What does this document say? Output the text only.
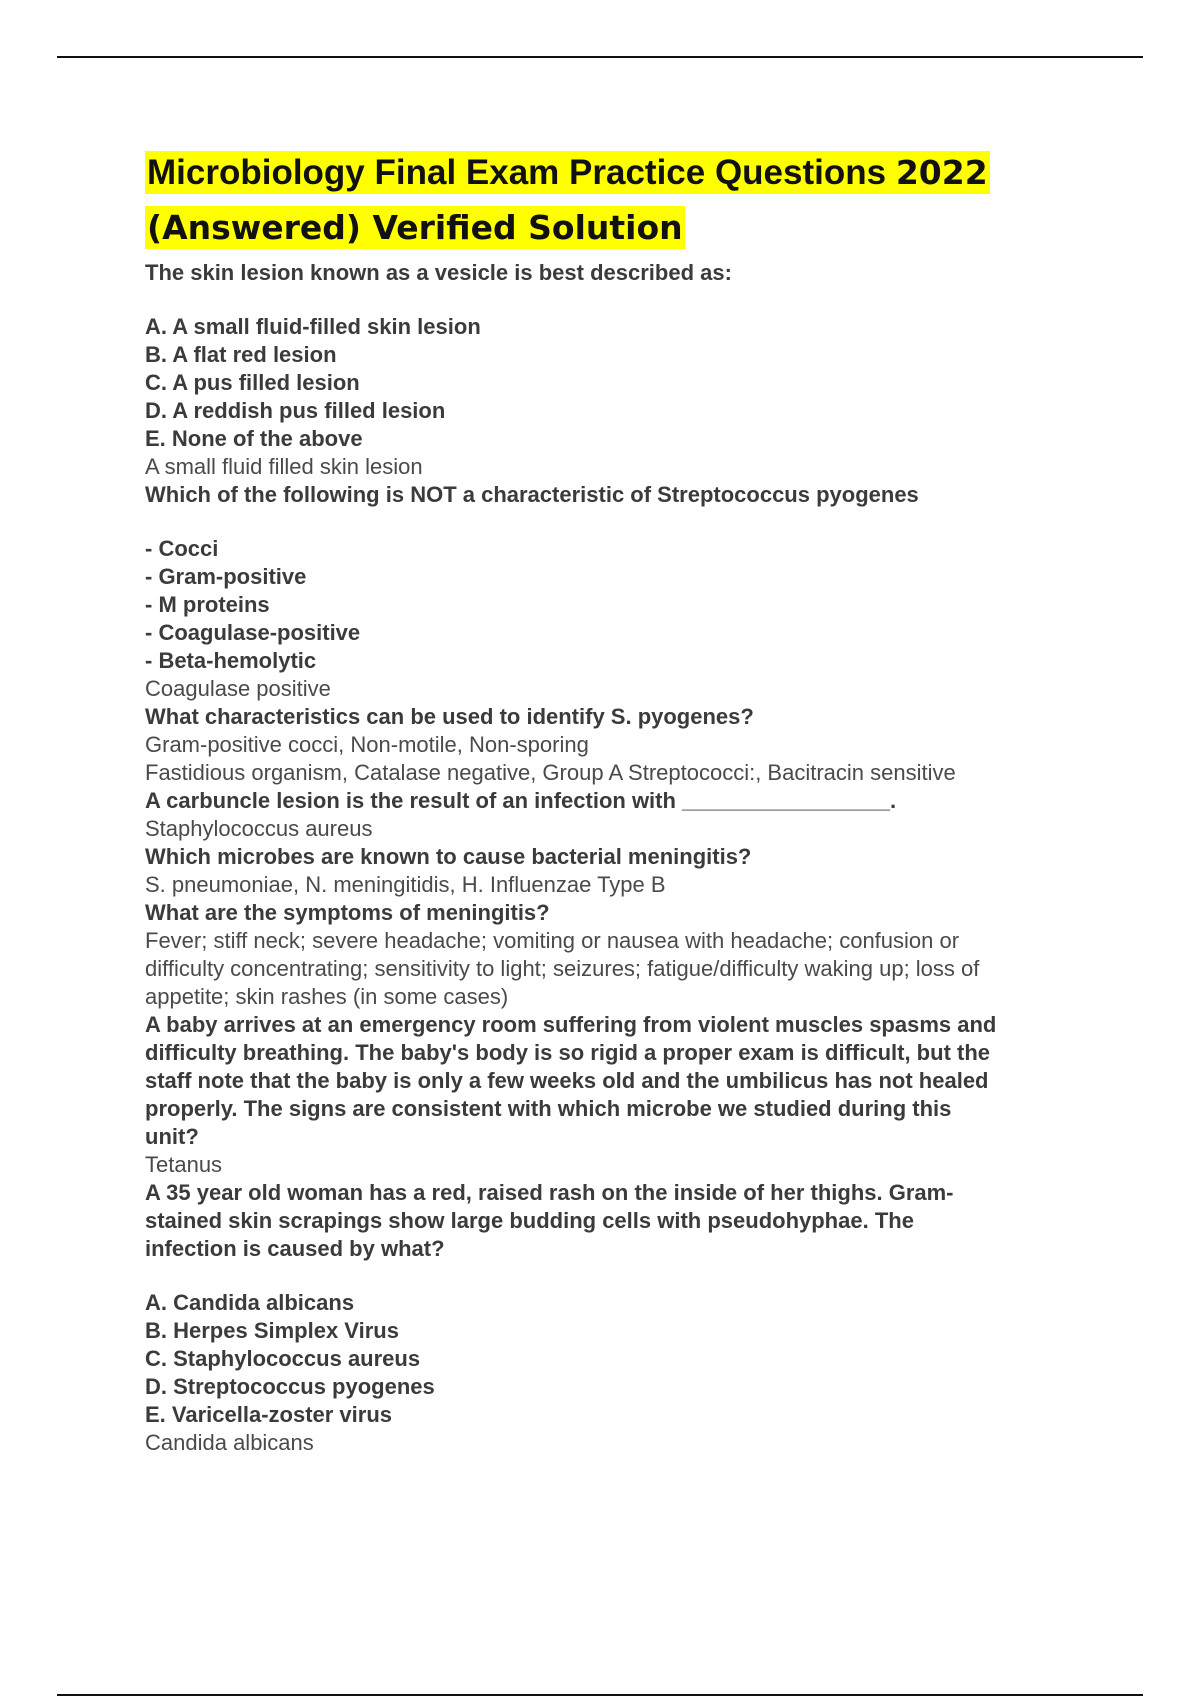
Microbiology Final Exam Practice Questions 2022
(Answered) Verified Solution

The skin lesion known as a vesicle is best described as:

A. A small fluid-filled skin lesion

B. A flat red lesion

C. A pus filled lesion

D. A reddish pus filled lesion

E. None of the above

A small fluid filled skin lesion

Which of the following is NOT a characteristic of Streptococcus pyogenes

- Cocci

- Gram-positive

- M proteins

- Coagulase-positive

- Beta-hemolytic

Coagulase positive

What characteristics can be used to identify S. pyogenes?

Gram-positive cocci, Non-motile, Non-sporing

Fastidious organism, Catalase negative, Group A Streptococci:, Bacitracin sensitive

A carbuncle lesion is the result of an infection with _________________.

Staphylococcus aureus

Which microbes are known to cause bacterial meningitis?

S. pneumoniae, N. meningitidis, H. Influenzae Type B

What are the symptoms of meningitis?

Fever; stiff neck; severe headache; vomiting or nausea with headache; confusion or

difficulty concentrating; sensitivity to light; seizures; fatigue/difficulty waking up; loss of

appetite; skin rashes (in some cases)

A baby arrives at an emergency room suffering from violent muscles spasms and

difficulty breathing. The baby's body is so rigid a proper exam is difficult, but the

staff note that the baby is only a few weeks old and the umbilicus has not healed

properly. The signs are consistent with which microbe we studied during this

unit?

Tetanus

A 35 year old woman has a red, raised rash on the inside of her thighs. Gram-

stained skin scrapings show large budding cells with pseudohyphae. The

infection is caused by what?

A. Candida albicans

B. Herpes Simplex Virus

C. Staphylococcus aureus

D. Streptococcus pyogenes

E. Varicella-zoster virus

Candida albicans
